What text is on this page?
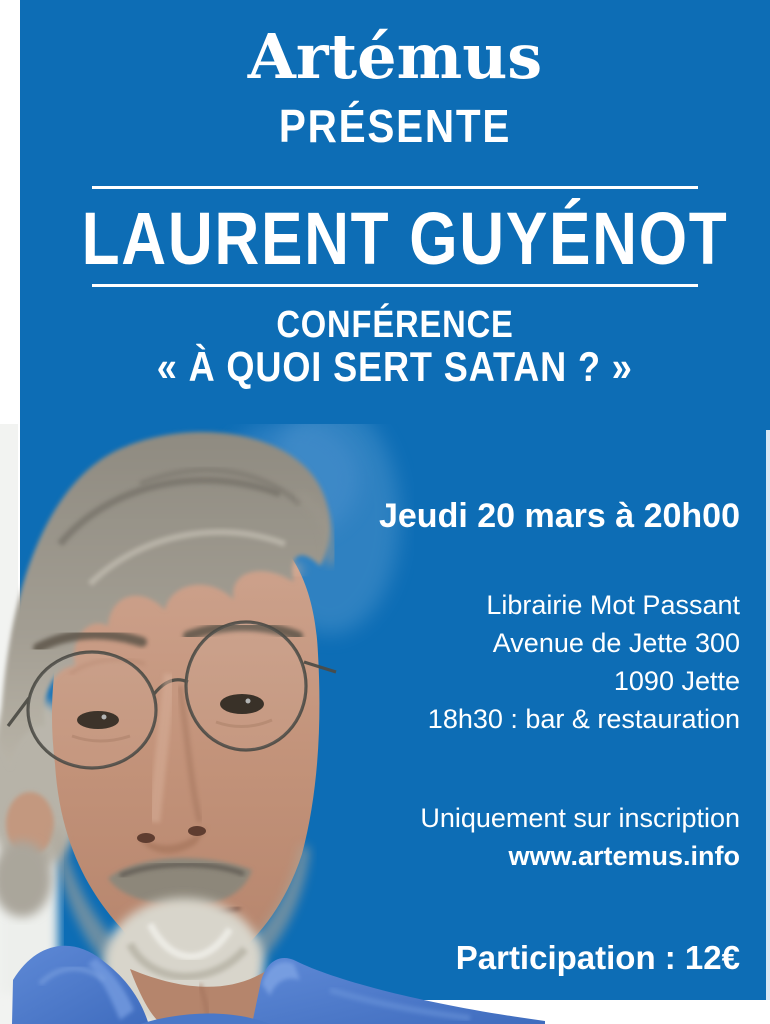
Artémus
PRÉSENTE
LAURENT GUYÉNOT
CONFÉRENCE
« À QUOI SERT SATAN ? »
Jeudi 20 mars à 20h00
Librairie Mot Passant
Avenue de Jette 300
1090 Jette
18h30 : bar & restauration
Uniquement sur inscription
www.artemus.info
Participation : 12€
